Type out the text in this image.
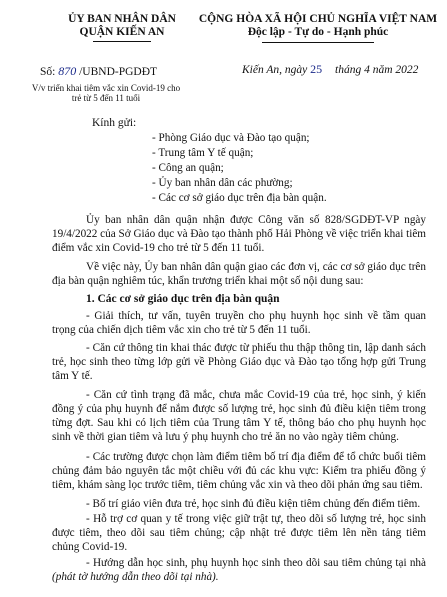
ỦY BAN NHÂN DÂN
QUẬN KIẾN AN
CỘNG HÒA XÃ HỘI CHỦ NGHĨA VIỆT NAM
Độc lập - Tự do - Hạnh phúc
Số: 870 /UBND-PGDĐT
V/v triển khai tiêm vắc xin Covid-19 cho
trẻ từ 5 đến 11 tuổi
Kiến An, ngày 25 tháng 4 năm 2022
Kính gửi:
- Phòng Giáo dục và Đào tạo quận;
- Trung tâm Y tế quận;
- Công an quận;
- Ủy ban nhân dân các phường;
- Các cơ sở giáo dục trên địa bàn quận.
Ủy ban nhân dân quận nhận được Công văn số 828/SGDĐT-VP ngày 19/4/2022 của Sở Giáo dục và Đào tạo thành phố Hải Phòng về việc triển khai tiêm điểm vắc xin Covid-19 cho trẻ từ 5 đến 11 tuổi.
Về việc này, Ủy ban nhân dân quận giao các đơn vị, các cơ sở giáo dục trên địa bàn quận nghiêm túc, khẩn trương triển khai một số nội dung sau:
1. Các cơ sở giáo dục trên địa bàn quận
- Giải thích, tư vấn, tuyên truyền cho phụ huynh học sinh về tầm quan trọng của chiến dịch tiêm vắc xin cho trẻ từ 5 đến 11 tuổi.
- Căn cứ thông tin khai thác được từ phiếu thu thập thông tin, lập danh sách trẻ, học sinh theo từng lớp gửi về Phòng Giáo dục và Đào tạo tổng hợp gửi Trung tâm Y tế.
- Căn cứ tình trạng đã mắc, chưa mắc Covid-19 của trẻ, học sinh, ý kiến đồng ý của phụ huynh để nắm được số lượng trẻ, học sinh đủ điều kiện tiêm trong từng đợt. Sau khi có lịch tiêm của Trung tâm Y tế, thông báo cho phụ huynh học sinh về thời gian tiêm và lưu ý phụ huynh cho trẻ ăn no vào ngày tiêm chủng.
- Các trường được chọn làm điểm tiêm bố trí địa điểm để tổ chức buổi tiêm chủng đảm bảo nguyên tắc một chiều với đủ các khu vực: Kiểm tra phiếu đồng ý tiêm, khám sàng lọc trước tiêm, tiêm chủng vắc xin và theo dõi phản ứng sau tiêm.
- Bố trí giáo viên đưa trẻ, học sinh đủ điều kiện tiêm chủng đến điểm tiêm.
- Hỗ trợ cơ quan y tế trong việc giữ trật tự, theo dõi số lượng trẻ, học sinh được tiêm, theo dõi sau tiêm chủng; cập nhật trẻ được tiêm lên nền tảng tiêm chủng Covid-19.
- Hướng dẫn học sinh, phụ huynh học sinh theo dõi sau tiêm chủng tại nhà (phát tờ hướng dẫn theo dõi tại nhà).
